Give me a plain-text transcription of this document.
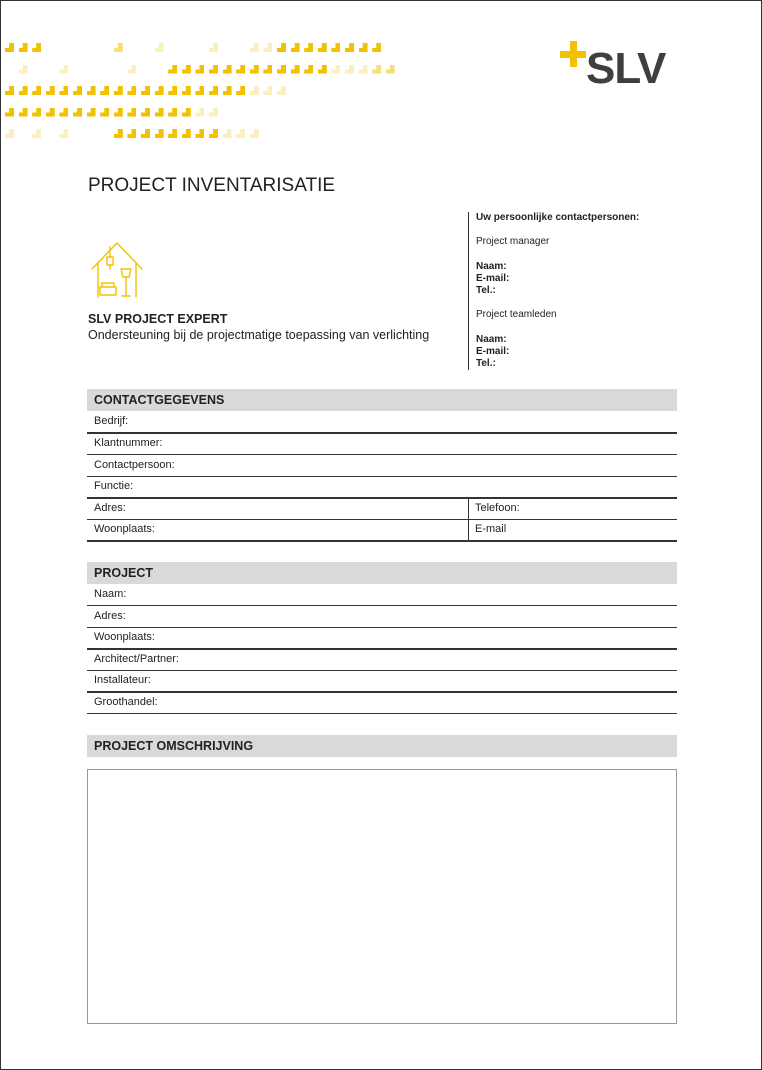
SLV
PROJECT INVENTARISATIE
SLV PROJECT EXPERT
Ondersteuning bij de projectmatige toepassing van verlichting
Uw persoonlijke contactpersonen:
Project manager
Naam:
E-mail:
Tel.:
Project teamleden
Naam:
E-mail:
Tel.:
CONTACTGEGEVENS
Bedrijf:
Klantnummer:
Contactpersoon:
Functie:
Adres:	Telefoon:
Woonplaats:	E-mail
PROJECT
Naam:
Adres:
Woonplaats:
Architect/Partner:
Installateur:
Groothandel:
PROJECT OMSCHRIJVING
